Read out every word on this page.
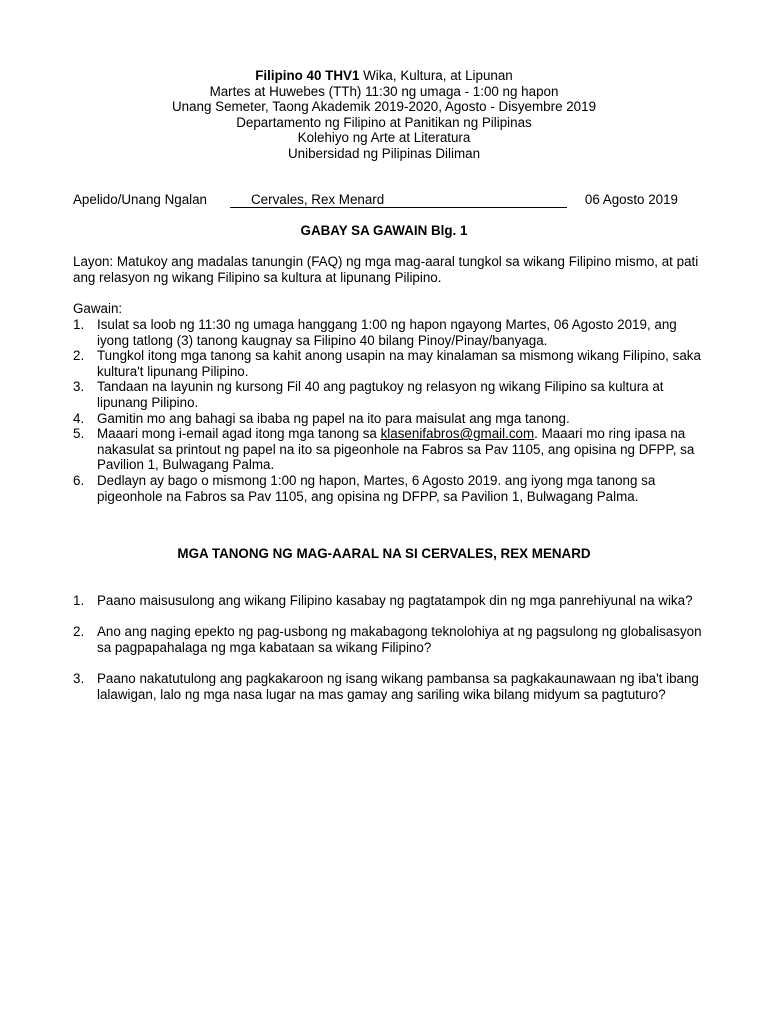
Filipino 40 THV1 Wika, Kultura, at Lipunan
Martes at Huwebes (TTh) 11:30 ng umaga - 1:00 ng hapon
Unang Semeter, Taong Akademik 2019-2020, Agosto - Disyembre 2019
Departamento ng Filipino at Panitikan ng Pilipinas
Kolehiyo ng Arte at Literatura
Unibersidad ng Pilipinas Diliman
Apelido/Unang Ngalan	Cervales, Rex Menard	06 Agosto 2019
GABAY SA GAWAIN Blg. 1
Layon: Matukoy ang madalas tanungin (FAQ) ng mga mag-aaral tungkol sa wikang Filipino mismo, at pati ang relasyon ng wikang Filipino sa kultura at lipunang Pilipino.
Gawain:
1. Isulat sa loob ng 11:30 ng umaga hanggang 1:00 ng hapon ngayong Martes, 06 Agosto 2019, ang iyong tatlong (3) tanong kaugnay sa Filipino 40 bilang Pinoy/Pinay/banyaga.
2. Tungkol itong mga tanong sa kahit anong usapin na may kinalaman sa mismong wikang Filipino, saka kultura't lipunang Pilipino.
3. Tandaan na layunin ng kursong Fil 40 ang pagtukoy ng relasyon ng wikang Filipino sa kultura at lipunang Pilipino.
4. Gamitin mo ang bahagi sa ibaba ng papel na ito para maisulat ang mga tanong.
5. Maaari mong i-email agad itong mga tanong sa klasenifabros@gmail.com. Maaari mo ring ipasa na nakasulat sa printout ng papel na ito sa pigeonhole na Fabros sa Pav 1105, ang opisina ng DFPP, sa Pavilion 1, Bulwagang Palma.
6. Dedlayn ay bago o mismong 1:00 ng hapon, Martes, 6 Agosto 2019. ang iyong mga tanong sa pigeonhole na Fabros sa Pav 1105, ang opisina ng DFPP, sa Pavilion 1, Bulwagang Palma.
MGA TANONG NG MAG-AARAL NA SI CERVALES, REX MENARD
1. Paano maisusulong ang wikang Filipino kasabay ng pagtatampok din ng mga panrehiyunal na wika?
2. Ano ang naging epekto ng pag-usbong ng makabagong teknolohiya at ng pagsulong ng globalisasyon sa pagpapahalaga ng mga kabataan sa wikang Filipino?
3. Paano nakatutulong ang pagkakaroon ng isang wikang pambansa sa pagkakaunawaan ng iba't ibang lalawigan, lalo ng mga nasa lugar na mas gamay ang sariling wika bilang midyum sa pagtuturo?
